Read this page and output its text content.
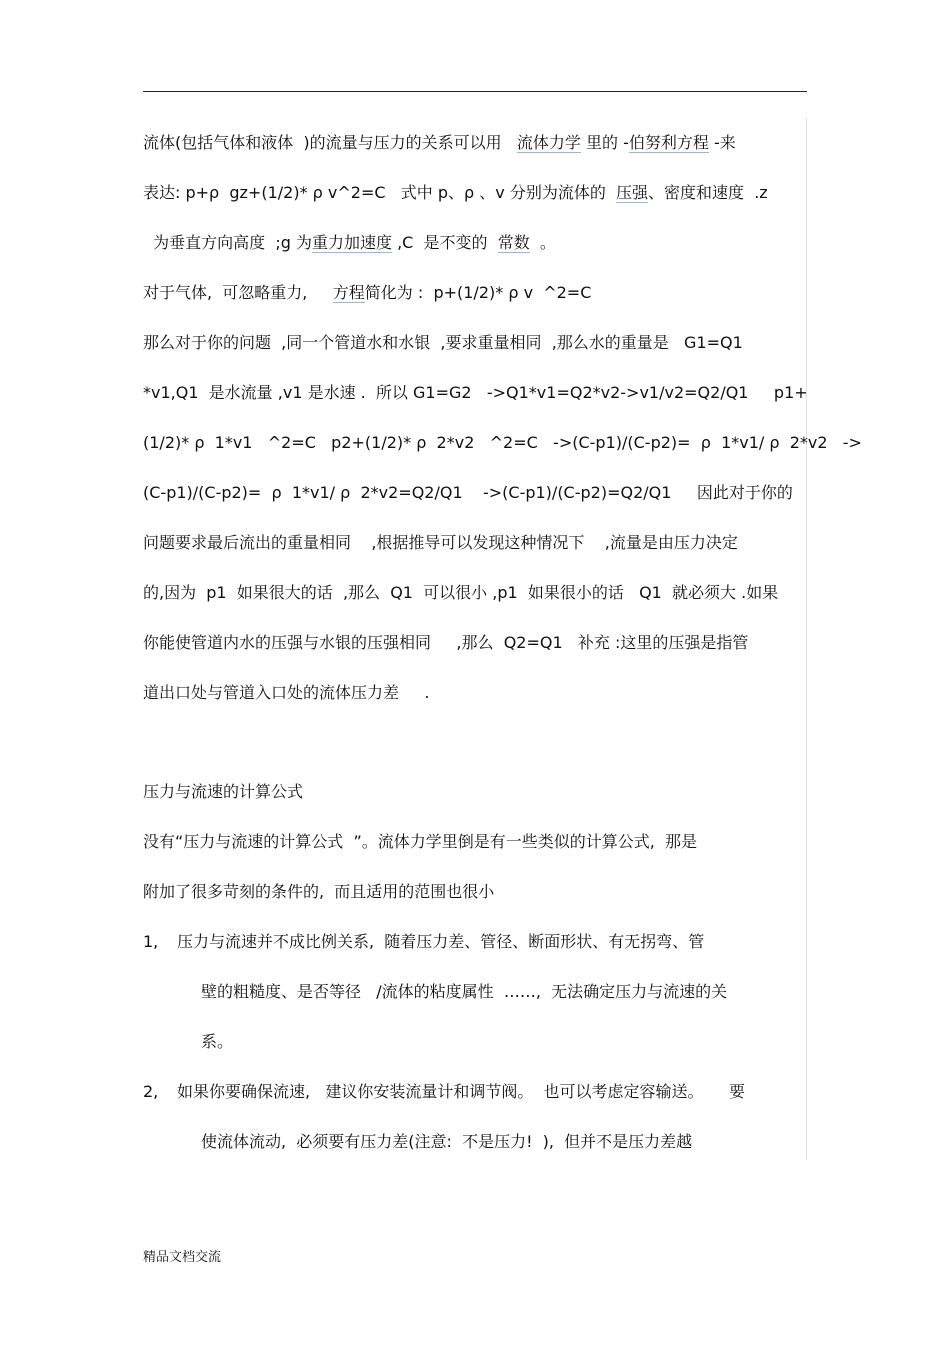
流体(包括气体和液体  )的流量与压力的关系可以用   流体力学 里的 -伯努利方程 -来
表达: p+ρ  gz+(1/2)* ρ v^2=C   式中 p、ρ 、v 分别为流体的  压强、密度和速度  .z
为垂直方向高度  ;g 为重力加速度 ,C  是不变的  常数  。
对于气体,  可忽略重力,     方程简化为 :  p+(1/2)* ρ v  ^2=C
那么对于你的问题  ,同一个管道水和水银  ,要求重量相同  ,那么水的重量是   G1=Q1
*v1,Q1  是水流量 ,v1 是水速 .  所以 G1=G2   ->Q1*v1=Q2*v2->v1/v2=Q2/Q1     p1+
(1/2)* ρ  1*v1   ^2=C   p2+(1/2)* ρ  2*v2   ^2=C   ->(C-p1)/(C-p2)=  ρ  1*v1/ ρ  2*v2   ->
(C-p1)/(C-p2)=  ρ  1*v1/ ρ  2*v2=Q2/Q1    ->(C-p1)/(C-p2)=Q2/Q1     因此对于你的
问题要求最后流出的重量相同    ,根据推导可以发现这种情况下    ,流量是由压力决定
的,因为  p1  如果很大的话  ,那么  Q1  可以很小 ,p1  如果很小的话   Q1  就必须大 .如果
你能使管道内水的压强与水银的压强相同     ,那么  Q2=Q1   补充 :这里的压强是指管
道出口处与管道入口处的流体压力差     .
压力与流速的计算公式
没有“压力与流速的计算公式  ”。流体力学里倒是有一些类似的计算公式,  那是
附加了很多苛刻的条件的,  而且适用的范围也很小
1, 压力与流速并不成比例关系,  随着压力差、管径、断面形状、有无拐弯、管
壁的粗糙度、是否等径   /流体的粘度属性  ……,  无法确定压力与流速的关
系。
2, 如果你要确保流速,   建议你安装流量计和调节阀。  也可以考虑定容输送。     要
使流体流动,  必须要有压力差(注意:  不是压力!  ),  但并不是压力差越
精品文档交流
